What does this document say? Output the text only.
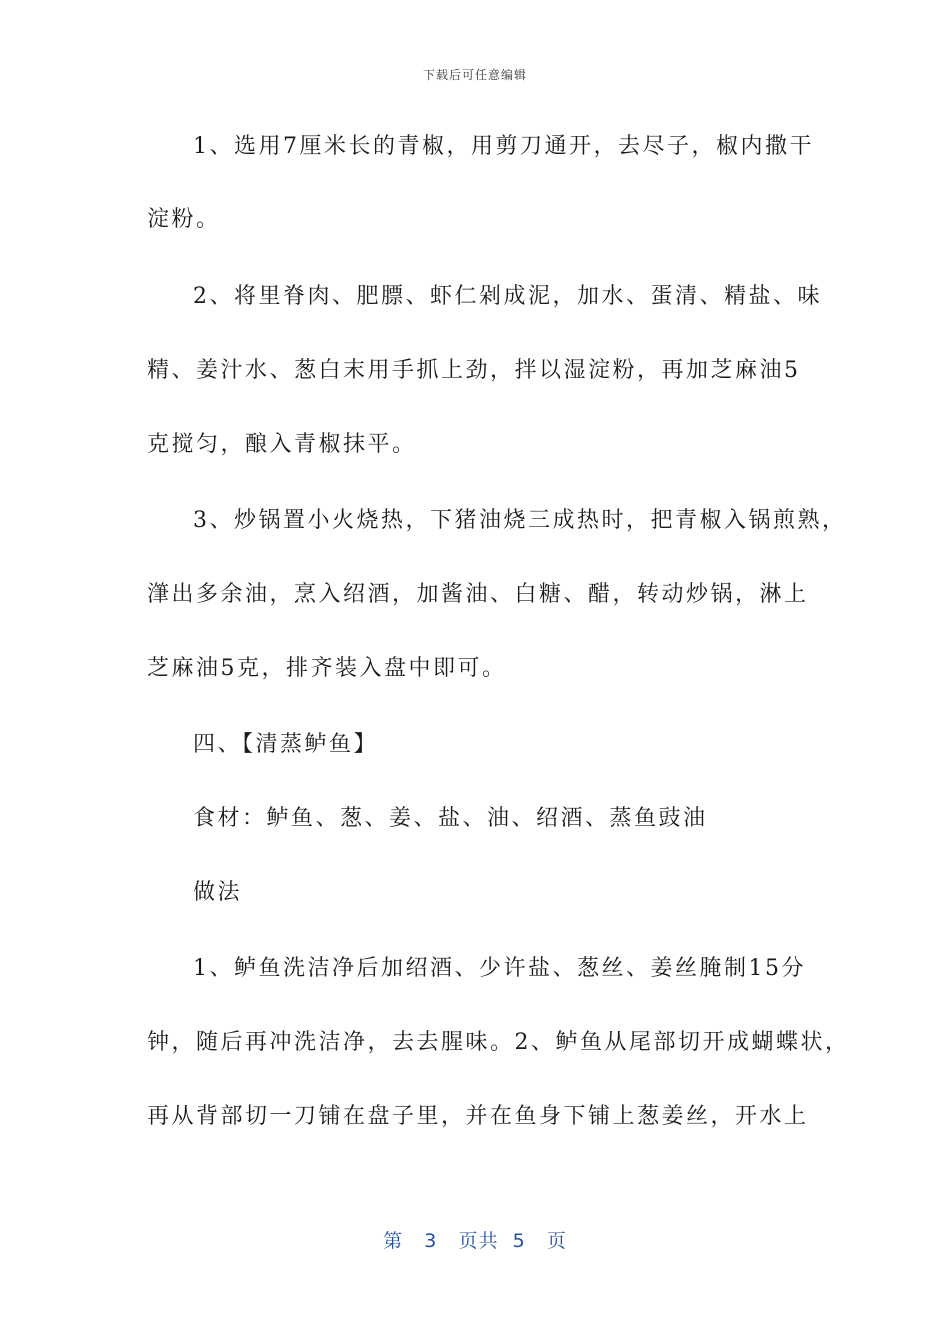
下载后可任意编辑
1、选用7厘米长的青椒，用剪刀通开，去尽子，椒内撒干
淀粉。
2、将里脊肉、肥膘、虾仁剁成泥，加水、蛋清、精盐、味
精、姜汁水、葱白末用手抓上劲，拌以湿淀粉，再加芝麻油5
克搅匀，酿入青椒抹平。
3、炒锅置小火烧热，下猪油烧三成热时，把青椒入锅煎熟，
潷出多余油，烹入绍酒，加酱油、白糖、醋，转动炒锅，淋上
芝麻油5克，排齐装入盘中即可。
四、【清蒸鲈鱼】
食材：鲈鱼、葱、姜、盐、油、绍酒、蒸鱼豉油
做法
1、鲈鱼洗洁净后加绍酒、少许盐、葱丝、姜丝腌制15分
钟，随后再冲洗洁净，去去腥味。2、鲈鱼从尾部切开成蝴蝶状，
再从背部切一刀铺在盘子里，并在鱼身下铺上葱姜丝，开水上
第 3 页共 5 页
